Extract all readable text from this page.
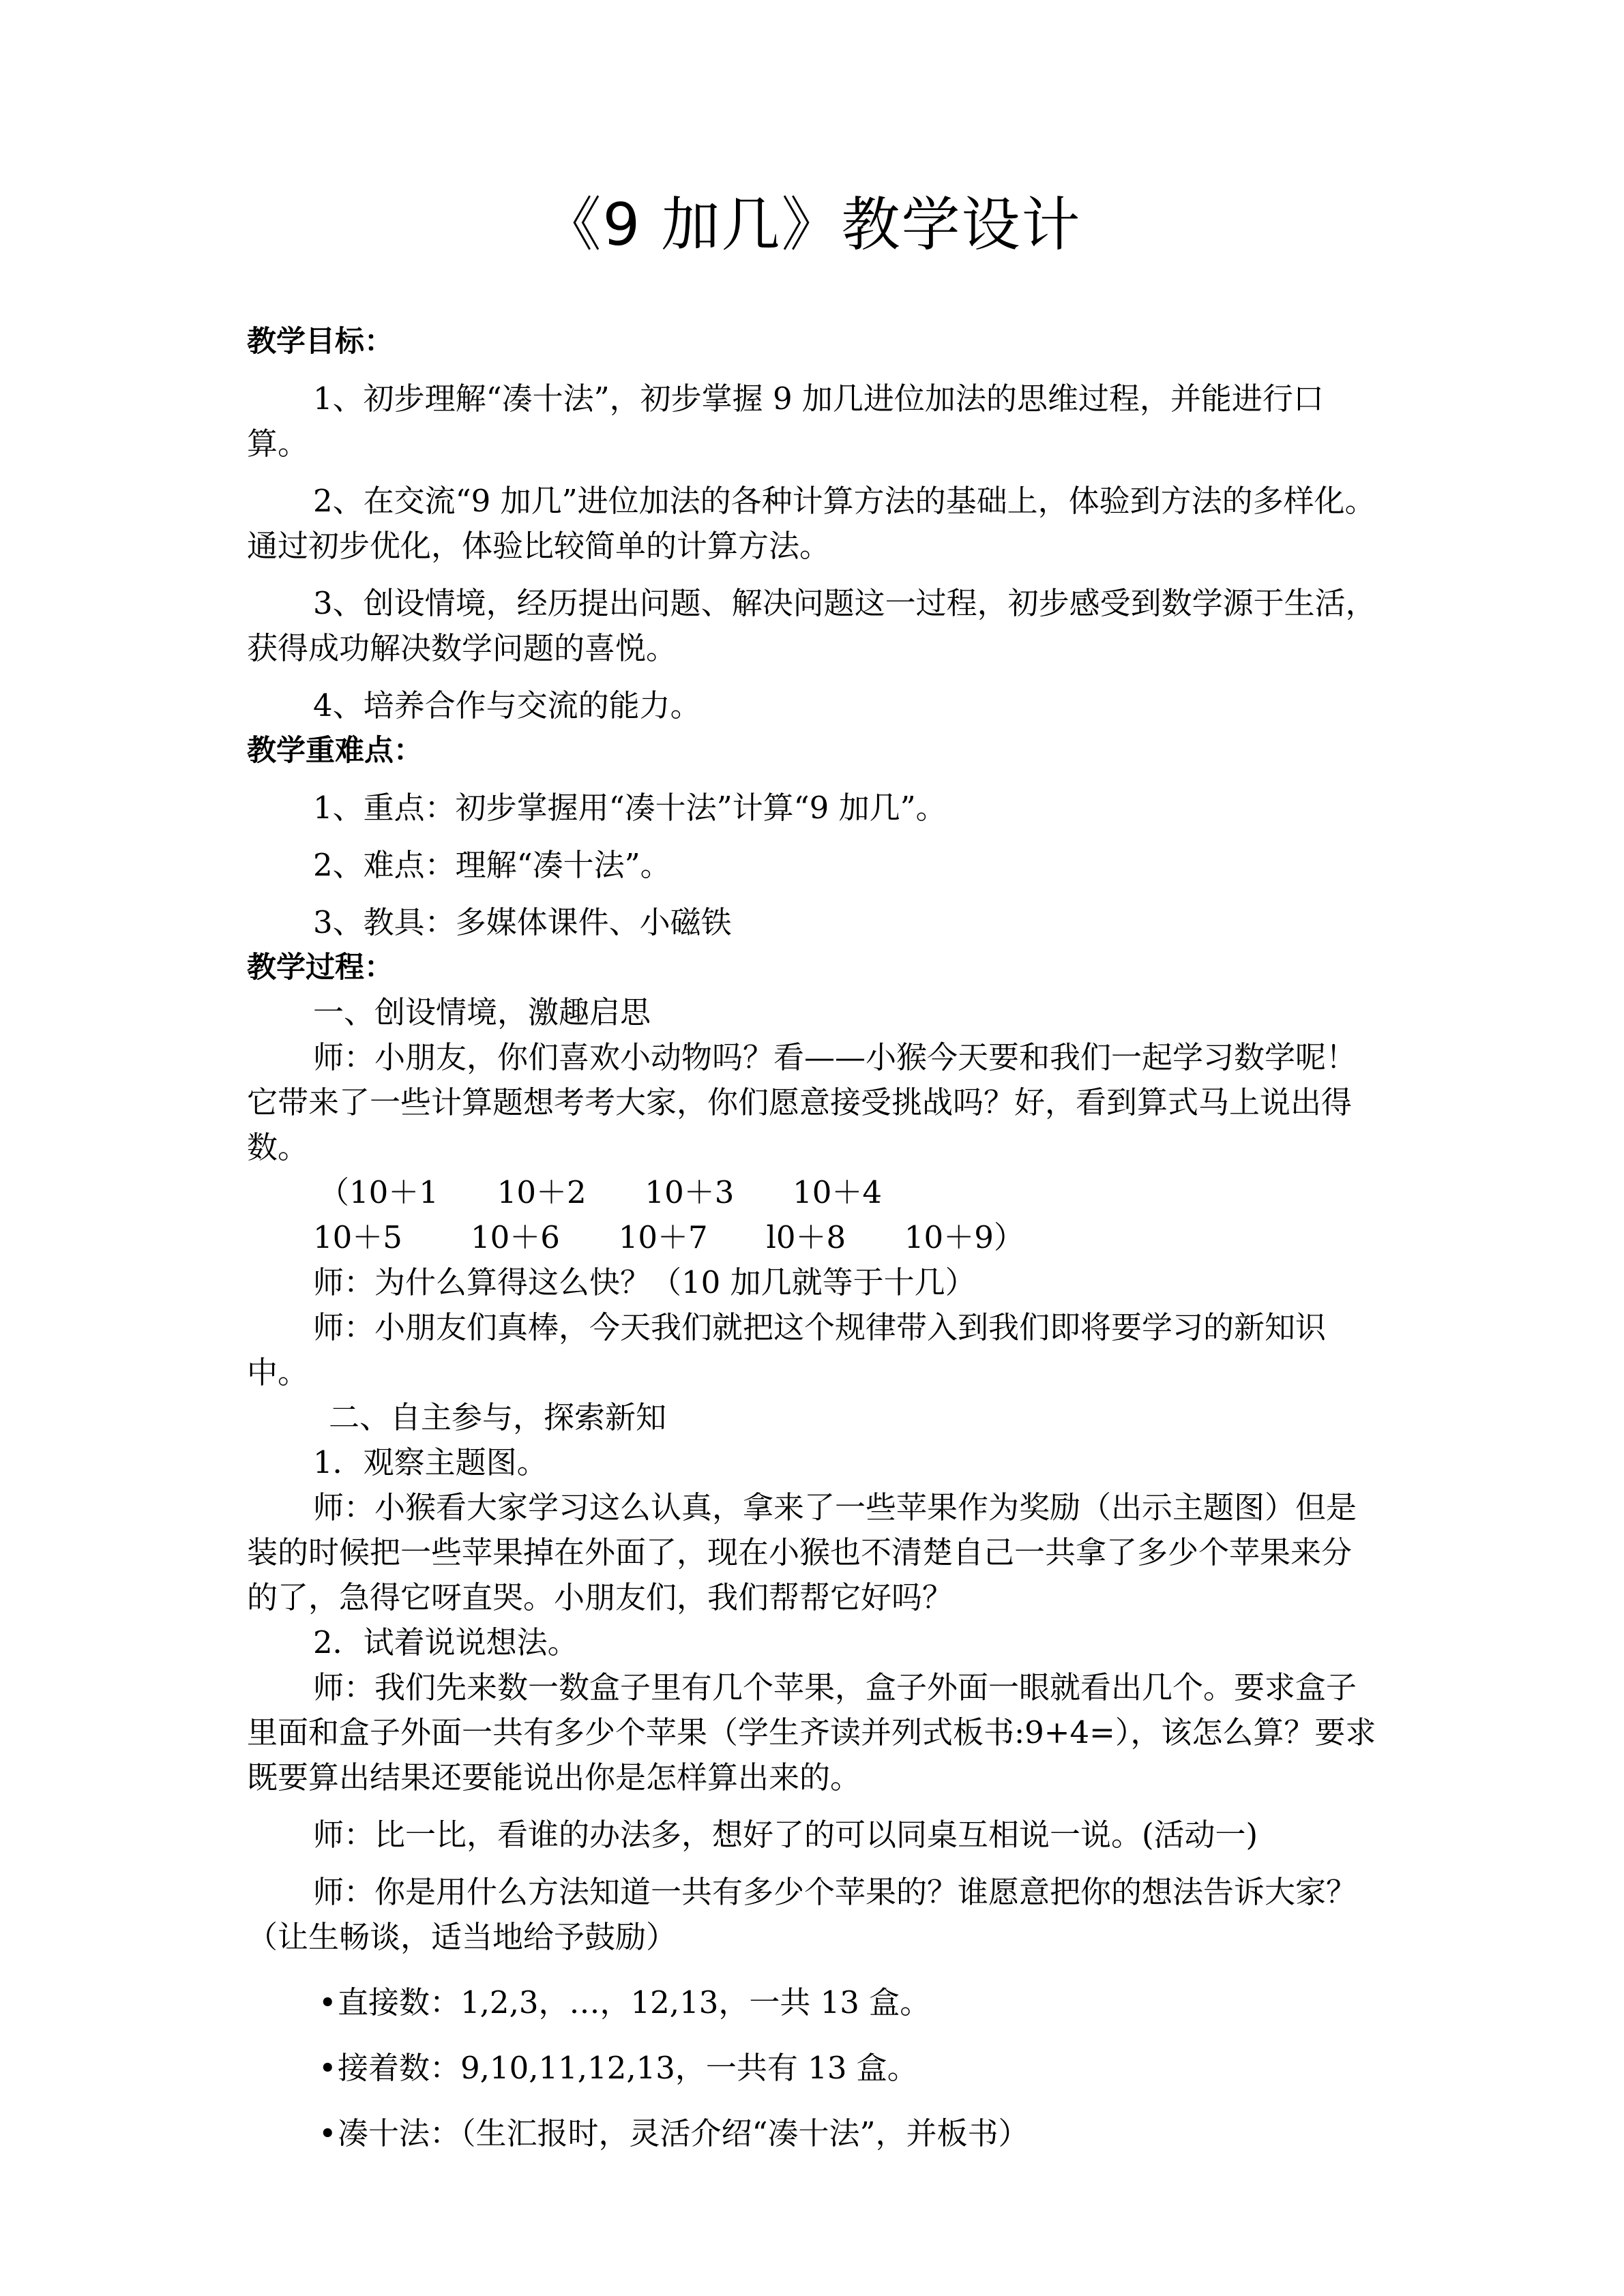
《9 加几》教学设计

教学目标：

1、初步理解“凑十法”，初步掌握 9 加几进位加法的思维过程，并能进行口算。

2、在交流“9 加几”进位加法的各种计算方法的基础上，体验到方法的多样化。通过初步优化，体验比较简单的计算方法。

3、创设情境，经历提出问题、解决问题这一过程，初步感受到数学源于生活，获得成功解决数学问题的喜悦。

4、培养合作与交流的能力。

教学重难点：

1、重点：初步掌握用“凑十法”计算“9 加几”。

2、难点：理解“凑十法”。

3、教具：多媒体课件、小磁铁

教学过程：

一、创设情境，激趣启思

师：小朋友，你们喜欢小动物吗？看——小猴今天要和我们一起学习数学呢！它带来了一些计算题想考考大家，你们愿意接受挑战吗？好，看到算式马上说出得数。

（10＋1      10＋2      10＋3      10＋4

10＋5       10＋6      10＋7      l0＋8      10＋9）

师：为什么算得这么快？（10 加几就等于十几）

师：小朋友们真棒，今天我们就把这个规律带入到我们即将要学习的新知识中。

二、自主参与，探索新知

1．观察主题图。

师：小猴看大家学习这么认真，拿来了一些苹果作为奖励（出示主题图）但是装的时候把一些苹果掉在外面了，现在小猴也不清楚自己一共拿了多少个苹果来分的了，急得它呀直哭。小朋友们，我们帮帮它好吗？

2．试着说说想法。

师：我们先来数一数盒子里有几个苹果，盒子外面一眼就看出几个。要求盒子里面和盒子外面一共有多少个苹果（学生齐读并列式板书:9+4=），该怎么算？要求既要算出结果还要能说出你是怎样算出来的。

师：比一比，看谁的办法多，想好了的可以同桌互相说一说。(活动一)

师：你是用什么方法知道一共有多少个苹果的？谁愿意把你的想法告诉大家？（让生畅谈，适当地给予鼓励）

•直接数：1,2,3，…，12,13，一共 13 盒。

•接着数：9,10,11,12,13，一共有 13 盒。

•凑十法：（生汇报时，灵活介绍“凑十法”，并板书）
